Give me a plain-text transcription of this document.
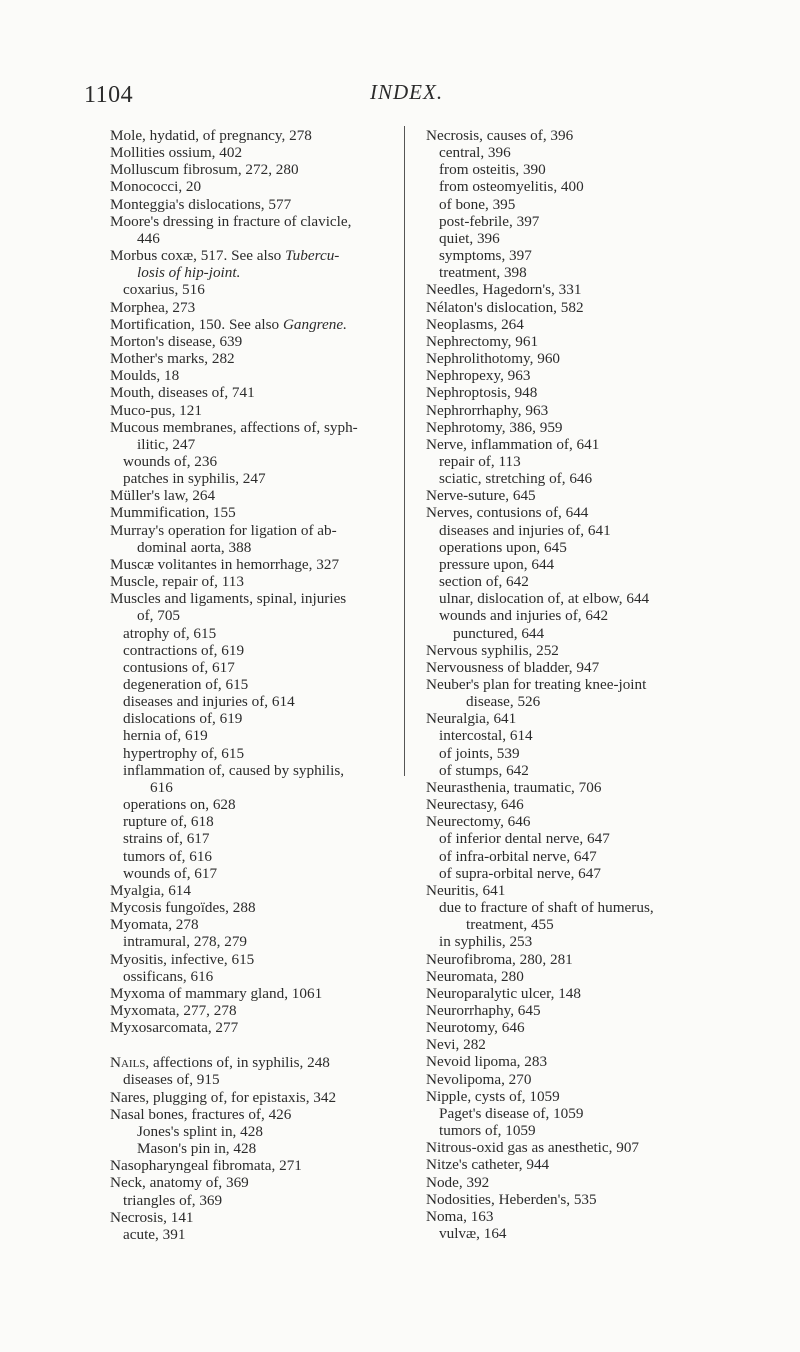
1104	INDEX.
Mole, hydatid, of pregnancy, 278
Mollities ossium, 402
Molluscum fibrosum, 272, 280
Monococci, 20
Monteggia's dislocations, 577
Moore's dressing in fracture of clavicle,
446
Morbus coxæ, 517. See also Tubercu-
losis of hip-joint.
coxarius, 516
Morphea, 273
Mortification, 150. See also Gangrene.
Morton's disease, 639
Mother's marks, 282
Moulds, 18
Mouth, diseases of, 741
Muco-pus, 121
Mucous membranes, affections of, syph-
ilitic, 247
wounds of, 236
patches in syphilis, 247
Müller's law, 264
Mummification, 155
Murray's operation for ligation of ab-
dominal aorta, 388
Muscæ volitantes in hemorrhage, 327
Muscle, repair of, 113
Muscles and ligaments, spinal, injuries
of, 705
atrophy of, 615
contractions of, 619
contusions of, 617
degeneration of, 615
diseases and injuries of, 614
dislocations of, 619
hernia of, 619
hypertrophy of, 615
inflammation of, caused by syphilis,
616
operations on, 628
rupture of, 618
strains of, 617
tumors of, 616
wounds of, 617
Myalgia, 614
Mycosis fungoïdes, 288
Myomata, 278
intramural, 278, 279
Myositis, infective, 615
ossificans, 616
Myxoma of mammary gland, 1061
Myxomata, 277, 278
Myxosarcomata, 277
Nails, affections of, in syphilis, 248
diseases of, 915
Nares, plugging of, for epistaxis, 342
Nasal bones, fractures of, 426
Jones's splint in, 428
Mason's pin in, 428
Nasopharyngeal fibromata, 271
Neck, anatomy of, 369
triangles of, 369
Necrosis, 141
acute, 391
Necrosis, causes of, 396
central, 396
from osteitis, 390
from osteomyelitis, 400
of bone, 395
post-febrile, 397
quiet, 396
symptoms, 397
treatment, 398
Needles, Hagedorn's, 331
Nélaton's dislocation, 582
Neoplasms, 264
Nephrectomy, 961
Nephrolithotomy, 960
Nephropexy, 963
Nephroptosis, 948
Nephrorrhaphy, 963
Nephrotomy, 386, 959
Nerve, inflammation of, 641
repair of, 113
sciatic, stretching of, 646
Nerve-suture, 645
Nerves, contusions of, 644
diseases and injuries of, 641
operations upon, 645
pressure upon, 644
section of, 642
ulnar, dislocation of, at elbow, 644
wounds and injuries of, 642
punctured, 644
Nervous syphilis, 252
Nervousness of bladder, 947
Neuber's plan for treating knee-joint
disease, 526
Neuralgia, 641
intercostal, 614
of joints, 539
of stumps, 642
Neurasthenia, traumatic, 706
Neurectasy, 646
Neurectomy, 646
of inferior dental nerve, 647
of infra-orbital nerve, 647
of supra-orbital nerve, 647
Neuritis, 641
due to fracture of shaft of humerus,
treatment, 455
in syphilis, 253
Neurofibroma, 280, 281
Neuromata, 280
Neuroparalytic ulcer, 148
Neurorrhaphy, 645
Neurotomy, 646
Nevi, 282
Nevoid lipoma, 283
Nevolipoma, 270
Nipple, cysts of, 1059
Paget's disease of, 1059
tumors of, 1059
Nitrous-oxid gas as anesthetic, 907
Nitze's catheter, 944
Node, 392
Nodosities, Heberden's, 535
Noma, 163
vulvæ, 164
